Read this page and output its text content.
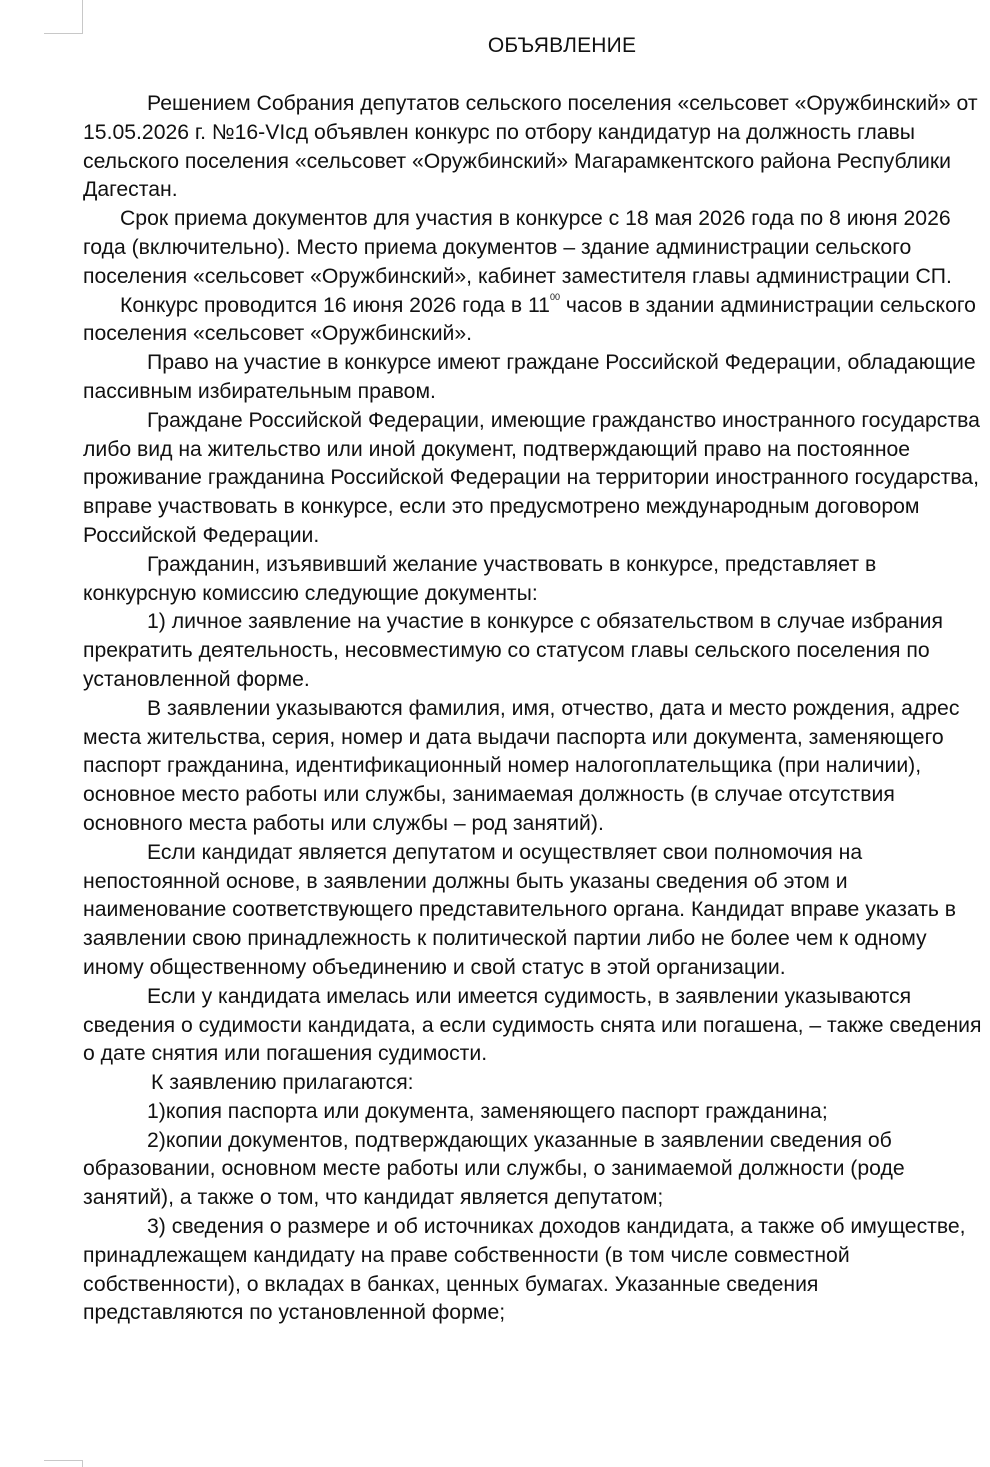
ОБЪЯВЛЕНИЕ

Решением Собрания депутатов сельского поселения «сельсовет «Оружбинский» от 15.05.2026 г. №16-VIсд объявлен конкурс по отбору кандидатур на должность главы сельского поселения «сельсовет «Оружбинский» Магарамкентского района Республики Дагестан.

Срок приема документов для участия в конкурсе с 18 мая 2026 года по 8 июня 2026 года (включительно). Место приема документов – здание администрации сельского поселения «сельсовет «Оружбинский», кабинет заместителя главы администрации СП.

Конкурс проводится 16 июня 2026 года в $11^{00}$ часов в здании администрации сельского поселения «сельсовет «Оружбинский».

Право на участие в конкурсе имеют граждане Российской Федерации, обладающие пассивным избирательным правом.

Граждане Российской Федерации, имеющие гражданство иностранного государства либо вид на жительство или иной документ, подтверждающий право на постоянное проживание гражданина Российской Федерации на территории иностранного государства, вправе участвовать в конкурсе, если это предусмотрено международным договором Российской Федерации.

Гражданин, изъявивший желание участвовать в конкурсе, представляет в конкурсную комиссию следующие документы:

1) личное заявление на участие в конкурсе с обязательством в случае избрания прекратить деятельность, несовместимую со статусом главы сельского поселения по установленной форме.

В заявлении указываются фамилия, имя, отчество, дата и место рождения, адрес места жительства, серия, номер и дата выдачи паспорта или документа, заменяющего паспорт гражданина, идентификационный номер налогоплательщика (при наличии), основное место работы или службы, занимаемая должность (в случае отсутствия основного места работы или службы – род занятий).

Если кандидат является депутатом и осуществляет свои полномочия на непостоянной основе, в заявлении должны быть указаны сведения об этом и наименование соответствующего представительного органа. Кандидат вправе указать в заявлении свою принадлежность к политической партии либо не более чем к одному иному общественному объединению и свой статус в этой организации.

Если у кандидата имелась или имеется судимость, в заявлении указываются сведения о судимости кандидата, а если судимость снята или погашена, – также сведения о дате снятия или погашения судимости.

К заявлению прилагаются:

1)копия паспорта или документа, заменяющего паспорт гражданина;

2)копии документов, подтверждающих указанные в заявлении сведения об образовании, основном месте работы или службы, о занимаемой должности (роде занятий), а также о том, что кандидат является депутатом;

3) сведения о размере и об источниках доходов кандидата, а также об имуществе, принадлежащем кандидату на праве собственности (в том числе совместной собственности), о вкладах в банках, ценных бумагах. Указанные сведения представляются по установленной форме;
